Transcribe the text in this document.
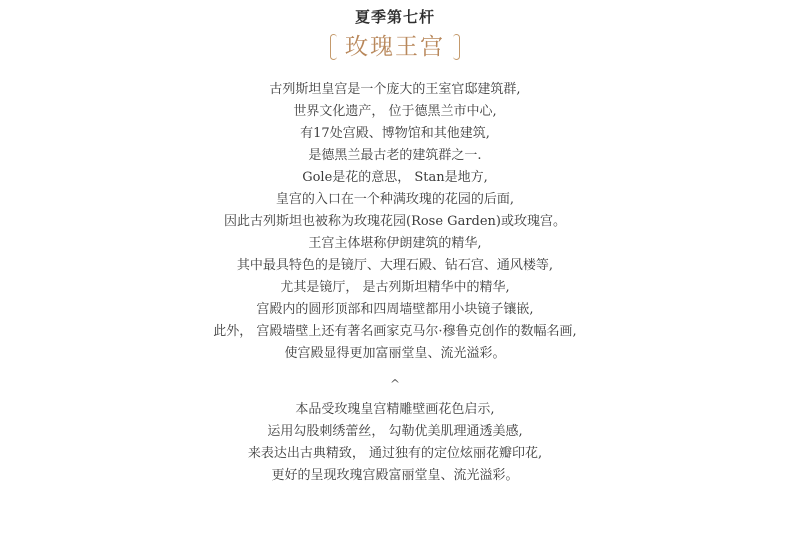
夏季第七杆
玫瑰王宫
古列斯坦皇宫是一个庞大的王室官邸建筑群,
世界文化遗产， 位于德黑兰市中心,
有17处宫殿、博物馆和其他建筑,
是德黑兰最古老的建筑群之一.
Gole是花的意思， Stan是地方,
皇宫的入口在一个种满玫瑰的花园的后面,
因此古列斯坦也被称为玫瑰花园(Rose Garden)或玫瑰宫。
王宫主体堪称伊朗建筑的精华,
其中最具特色的是镜厅、大理石殿、钻石宫、通风楼等,
尤其是镜厅， 是古列斯坦精华中的精华,
宫殿内的圆形顶部和四周墙壁都用小块镜子镶嵌,
此外， 宫殿墙壁上还有著名画家克马尔·穆鲁克创作的数幅名画,
使宫殿显得更加富丽堂皇、流光溢彩。
^
本品受玫瑰皇宫精雕壁画花色启示,
运用勾股刺绣蕾丝， 勾勒优美肌理通透美感,
来表达出古典精致， 通过独有的定位炫丽花瓣印花,
更好的呈现玫瑰宫殿富丽堂皇、流光溢彩。
